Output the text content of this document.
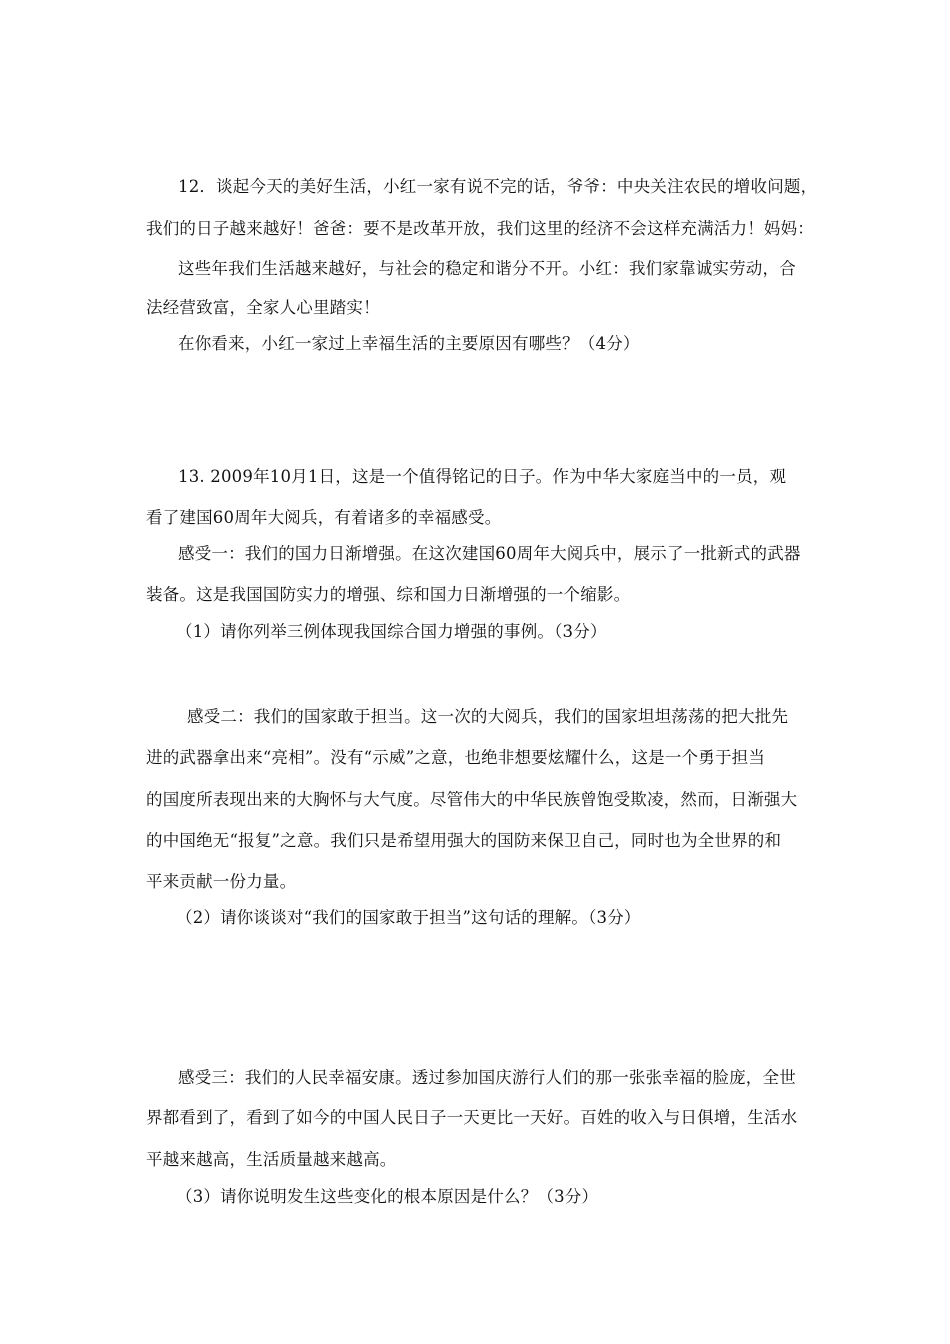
12．谈起今天的美好生活，小红一家有说不完的话，爷爷：中央关注农民的增收问题，
我们的日子越来越好！爸爸：要不是改革开放，我们这里的经济不会这样充满活力！妈妈：
这些年我们生活越来越好，与社会的稳定和谐分不开。小红：我们家靠诚实劳动，合
法经营致富，全家人心里踏实！
在你看来，小红一家过上幸福生活的主要原因有哪些？（4分）
13. 2009年10月1日，这是一个值得铭记的日子。作为中华大家庭当中的一员，观
看了建国60周年大阅兵，有着诸多的幸福感受。
感受一：我们的国力日渐增强。在这次建国60周年大阅兵中，展示了一批新式的武器
装备。这是我国国防实力的增强、综和国力日渐增强的一个缩影。
（1）请你列举三例体现我国综合国力增强的事例。（3分）
感受二：我们的国家敢于担当。这一次的大阅兵，我们的国家坦坦荡荡的把大批先
进的武器拿出来“亮相”。没有“示威”之意，也绝非想要炫耀什么，这是一个勇于担当
的国度所表现出来的大胸怀与大气度。尽管伟大的中华民族曾饱受欺凌，然而，日渐强大
的中国绝无“报复”之意。我们只是希望用强大的国防来保卫自己，同时也为全世界的和
平来贡献一份力量。
（2）请你谈谈对“我们的国家敢于担当”这句话的理解。（3分）
感受三：我们的人民幸福安康。透过参加国庆游行人们的那一张张幸福的脸庞，全世
界都看到了，看到了如今的中国人民日子一天更比一天好。百姓的收入与日俱增，生活水
平越来越高，生活质量越来越高。
（3）请你说明发生这些变化的根本原因是什么？（3分）
